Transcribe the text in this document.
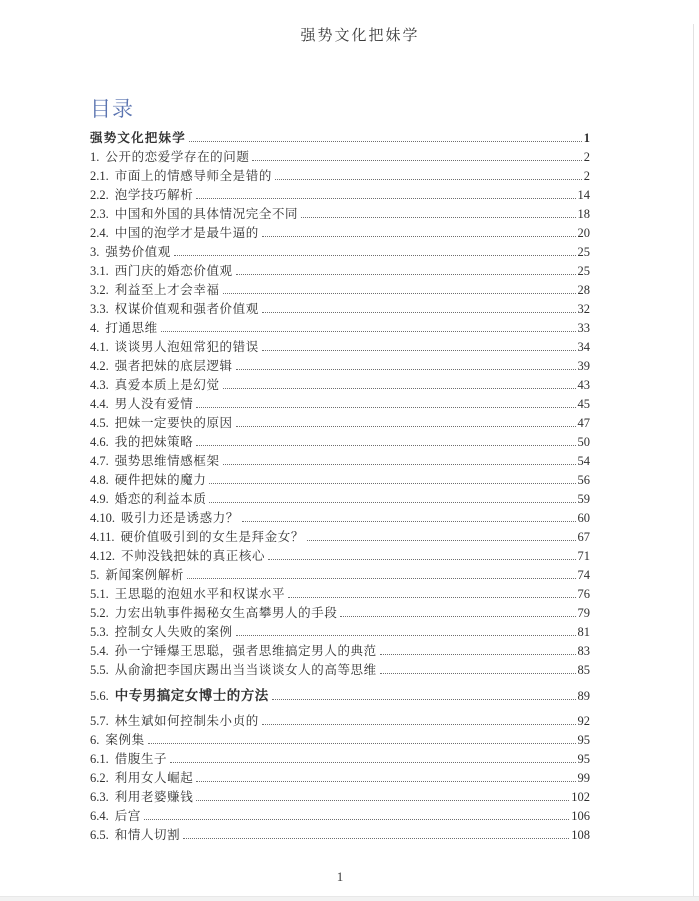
强势文化把妹学
目录
强势文化把妹学	1
1. 公开的恋爱学存在的问题	2
2.1. 市面上的情感导师全是错的	2
2.2. 泡学技巧解析	14
2.3. 中国和外国的具体情况完全不同	18
2.4. 中国的泡学才是最牛逼的	20
3. 强势价值观	25
3.1. 西门庆的婚恋价值观	25
3.2. 利益至上才会幸福	28
3.3. 权谋价值观和强者价值观	32
4. 打通思维	33
4.1. 谈谈男人泡妞常犯的错误	34
4.2. 强者把妹的底层逻辑	39
4.3. 真爱本质上是幻觉	43
4.4. 男人没有爱情	45
4.5. 把妹一定要快的原因	47
4.6. 我的把妹策略	50
4.7. 强势思维情感框架	54
4.8. 硬件把妹的魔力	56
4.9. 婚恋的利益本质	59
4.10. 吸引力还是诱惑力？	60
4.11. 硬价值吸引到的女生是拜金女？	67
4.12. 不帅没钱把妹的真正核心	71
5. 新闻案例解析	74
5.1. 王思聪的泡妞水平和权谋水平	76
5.2. 力宏出轨事件揭秘女生高攀男人的手段	79
5.3. 控制女人失败的案例	81
5.4. 孙一宁锤爆王思聪，强者思维搞定男人的典范	83
5.5. 从俞渝把李国庆踢出当当谈谈女人的高等思维	85
5.6. 中专男搞定女博士的方法	89
5.7. 林生斌如何控制朱小贞的	92
6. 案例集	95
6.1. 借腹生子	95
6.2. 利用女人崛起	99
6.3. 利用老婆赚钱	102
6.4. 后宫	106
6.5. 和情人切割	108
1
